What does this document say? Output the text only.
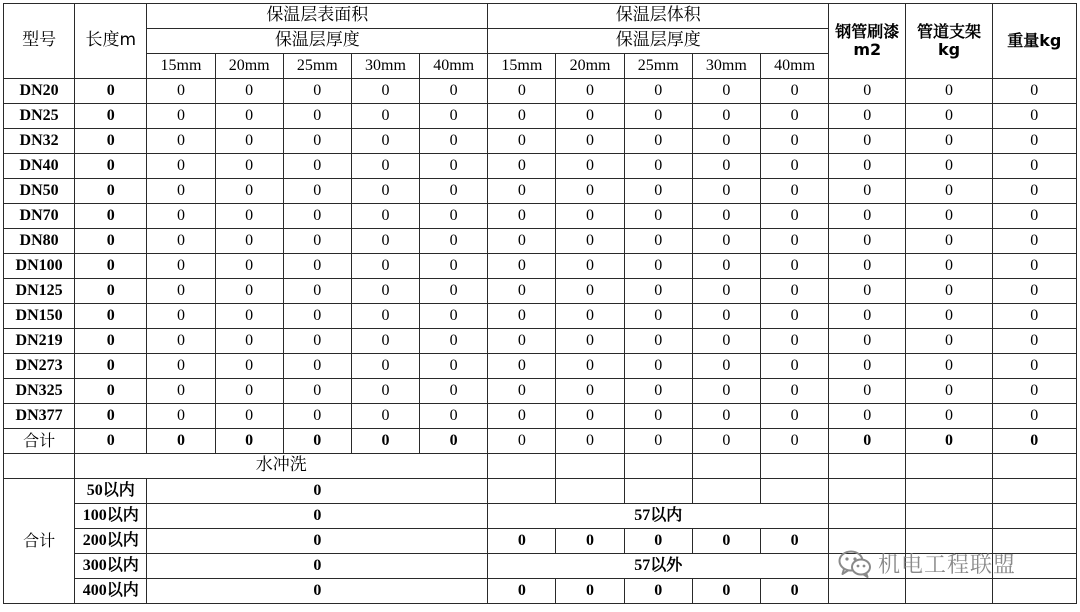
型号	长度m	保温层表面积					保温层体积					钢管刷漆m2	管道支架kg	重量kg
		保温层厚度					保温层厚度							
		15mm	20mm	25mm	30mm	40mm	15mm	20mm	25mm	30mm	40mm			
DN20	0	0	0	0	0	0	0	0	0	0	0	0	0	0
DN25	0	0	0	0	0	0	0	0	0	0	0	0	0	0
DN32	0	0	0	0	0	0	0	0	0	0	0	0	0	0
DN40	0	0	0	0	0	0	0	0	0	0	0	0	0	0
DN50	0	0	0	0	0	0	0	0	0	0	0	0	0	0
DN70	0	0	0	0	0	0	0	0	0	0	0	0	0	0
DN80	0	0	0	0	0	0	0	0	0	0	0	0	0	0
DN100	0	0	0	0	0	0	0	0	0	0	0	0	0	0
DN125	0	0	0	0	0	0	0	0	0	0	0	0	0	0
DN150	0	0	0	0	0	0	0	0	0	0	0	0	0	0
DN219	0	0	0	0	0	0	0	0	0	0	0	0	0	0
DN273	0	0	0	0	0	0	0	0	0	0	0	0	0	0
DN325	0	0	0	0	0	0	0	0	0	0	0	0	0	0
DN377	0	0	0	0	0	0	0	0	0	0	0	0	0	0
合计	0	0	0	0	0	0	0	0	0	0	0	0	0	0
	水冲洗													
合计	50以内	0												
	100以内	0					57以内							
	200以内	0					0	0	0	0	0			
	300以内	0					57以外							
	400以内	0					0	0	0	0	0			
机电工程联盟
